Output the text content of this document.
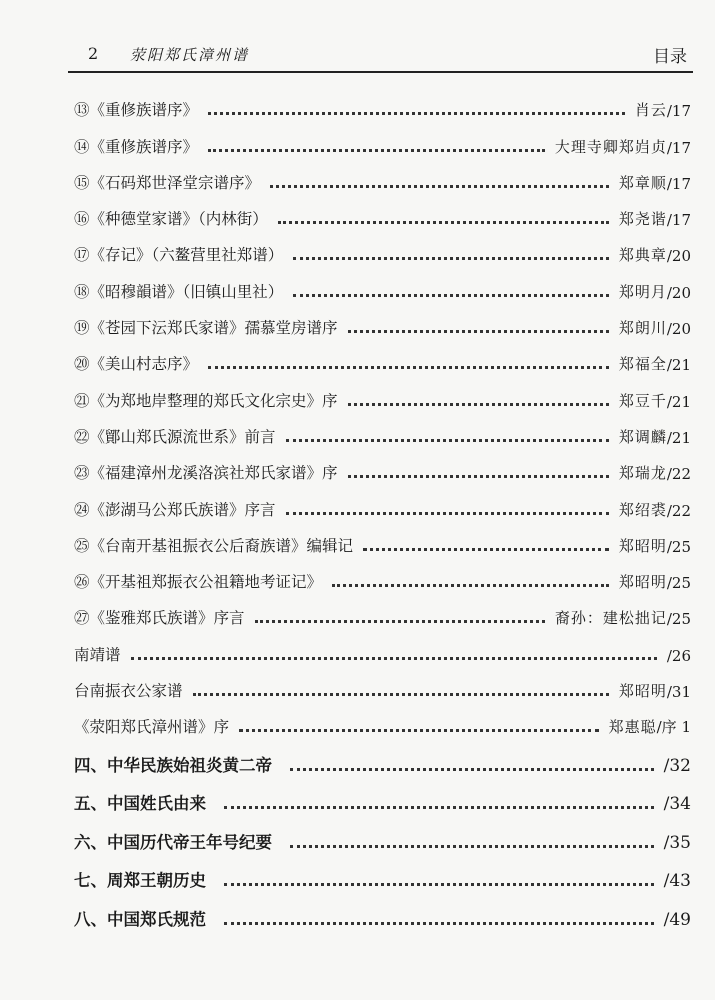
2 荥阳郑氏漳州谱	目录
⑬《重修族谱序》	肖云 /17
⑭《重修族谱序》	大理寺卿郑岿贞 /17
⑮《石码郑世泽堂宗谱序》	郑章顺 /17
⑯《种德堂家谱》（内林街）	郑尧谐 /17
⑰《存记》（六鳌营里社郑谱）	郑典章 /20
⑱《昭穆韻谱》（旧镇山里社）	郑明月 /20
⑲《苍园下沄郑氏家谱》孺慕堂房谱序	郑朗川 /20
⑳《美山村志序》	郑福全 /21
㉑《为郑地岸整理的郑氏文化宗史》序	郑豆千 /21
㉒《鄮山郑氏源流世系》前言	郑调麟 /21
㉓《福建漳州龙溪洛滨社郑氏家谱》序	郑瑞龙 /22
㉔《澎湖马公郑氏族谱》序言	郑绍裘 /22
㉕《台南开基祖振衣公后裔族谱》编辑记	郑昭明 /25
㉖《开基祖郑振衣公祖籍地考证记》	郑昭明 /25
㉗《鉴雅郑氏族谱》序言	裔孙：建松拙记 /25
南靖谱	/26
台南振衣公家谱	郑昭明 /31
《荥阳郑氏漳州谱》序	郑惠聪 /序 1
四、中华民族始祖炎黄二帝	/32
五、中国姓氏由来	/34
六、中国历代帝王年号纪要	/35
七、周郑王朝历史	/43
八、中国郑氏规范	/49
